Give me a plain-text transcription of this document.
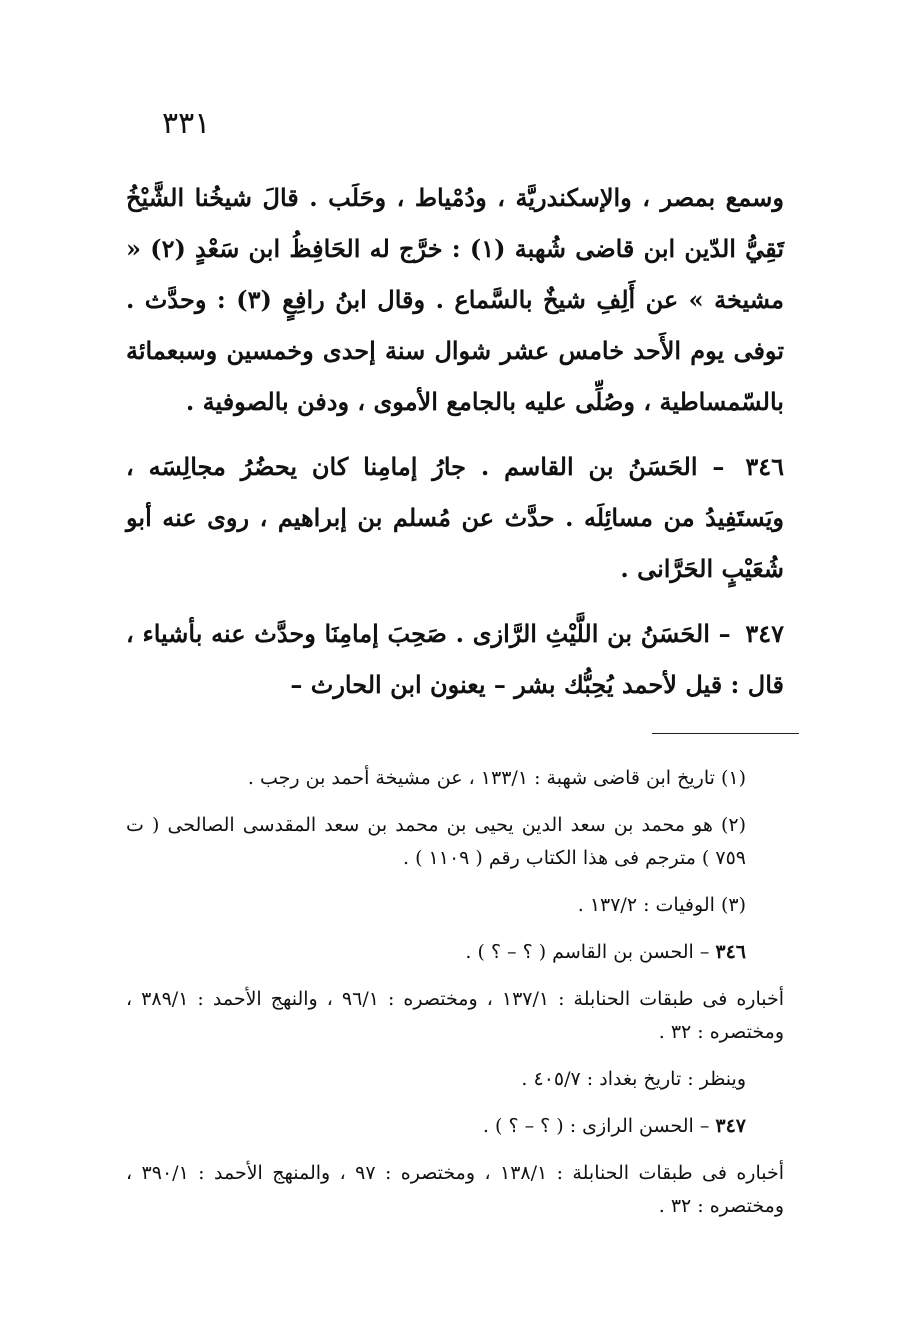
٣٣١

وسمع بمصر ، والإسكندريَّة ، ودُمْياط ، وحَلَب . قالَ شيخُنا الشَّيْخُ تَقِيُّ الدّين ابن قاضى شُهبة (١) : خرَّج له الحَافِظُ ابن سَعْدٍ (٢) « مشيخة » عن أَلِفِ شيخٌ بالسَّماع . وقال ابنُ رافِعٍ (٣) : وحدَّث . توفى يوم الأَحد خامس عشر شوال سنة إحدى وخمسين وسبعمائة بالسّمساطية ، وصُلِّى عليه بالجامع الأموى ، ودفن بالصوفية .

٣٤٦ – الحَسَنُ بن القاسم . جارُ إمامِنا كان يحضُرُ مجالِسَه ، ويَستَفِيدُ من مسائِلَه . حدَّث عن مُسلم بن إبراهيم ، روى عنه أبو شُعَيْبٍ الحَرَّانى .

٣٤٧ – الحَسَنُ بن اللَّيْثِ الرَّازى . صَحِبَ إمامِنَا وحدَّث عنه بأشياء ، قال : قيل لأحمد يُحِبُّك بشر – يعنون ابن الحارث –

(١) تاريخ ابن قاضى شهبة : ١٣٣/١ ، عن مشيخة أحمد بن رجب .

(٢) هو محمد بن سعد الدين يحيى بن محمد بن سعد المقدسى الصالحى ( ت ٧٥٩ ) مترجم فى هذا الكتاب رقم ( ١١٠٩ ) .

(٣) الوفيات : ١٣٧/٢ .

٣٤٦ – الحسن بن القاسم ( ؟ – ؟ ) .

أخباره فى طبقات الحنابلة : ١٣٧/١ ، ومختصره : ٩٦/١ ، والنهج الأحمد : ٣٨٩/١ ، ومختصره : ٣٢ .

وينظر : تاريخ بغداد : ٤٠٥/٧ .

٣٤٧ – الحسن الرازى : ( ؟ – ؟ ) .

أخباره فى طبقات الحنابلة : ١٣٨/١ ، ومختصره : ٩٧ ، والمنهج الأحمد : ٣٩٠/١ ، ومختصره : ٣٢ .
